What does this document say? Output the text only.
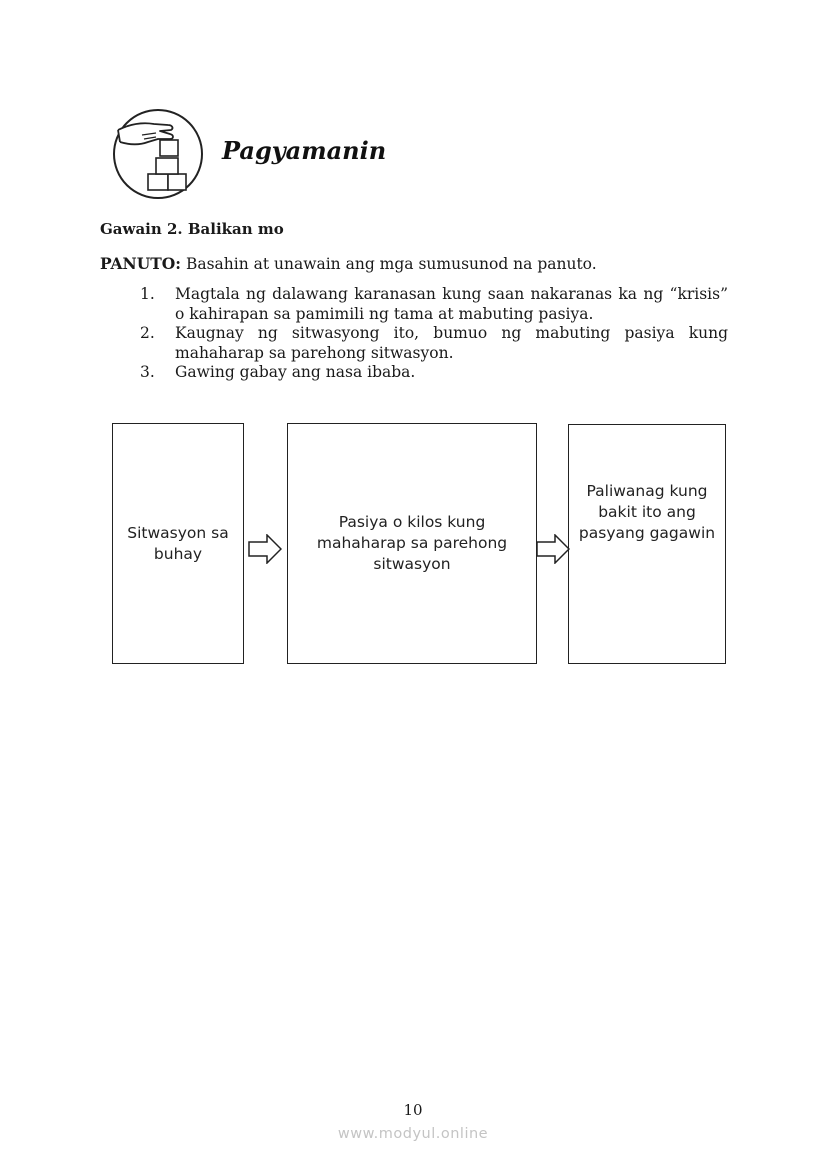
Pagyamanin
Gawain 2. Balikan mo
PANUTO: Basahin at unawain ang mga sumusunod na panuto.
1.	Magtala ng dalawang karanasan kung saan nakaranas ka ng “krisis” o kahirapan sa pamimili ng tama at mabuting pasiya.
2.	Kaugnay ng sitwasyong ito, bumuo ng mabuting pasiya kung mahaharap sa parehong sitwasyon.
3.	Gawing gabay ang nasa ibaba.
Sitwasyon sa buhay
Pasiya o kilos kung mahaharap sa parehong sitwasyon
Paliwanag kung bakit ito ang pasyang gagawin
10
www.modyul.online
